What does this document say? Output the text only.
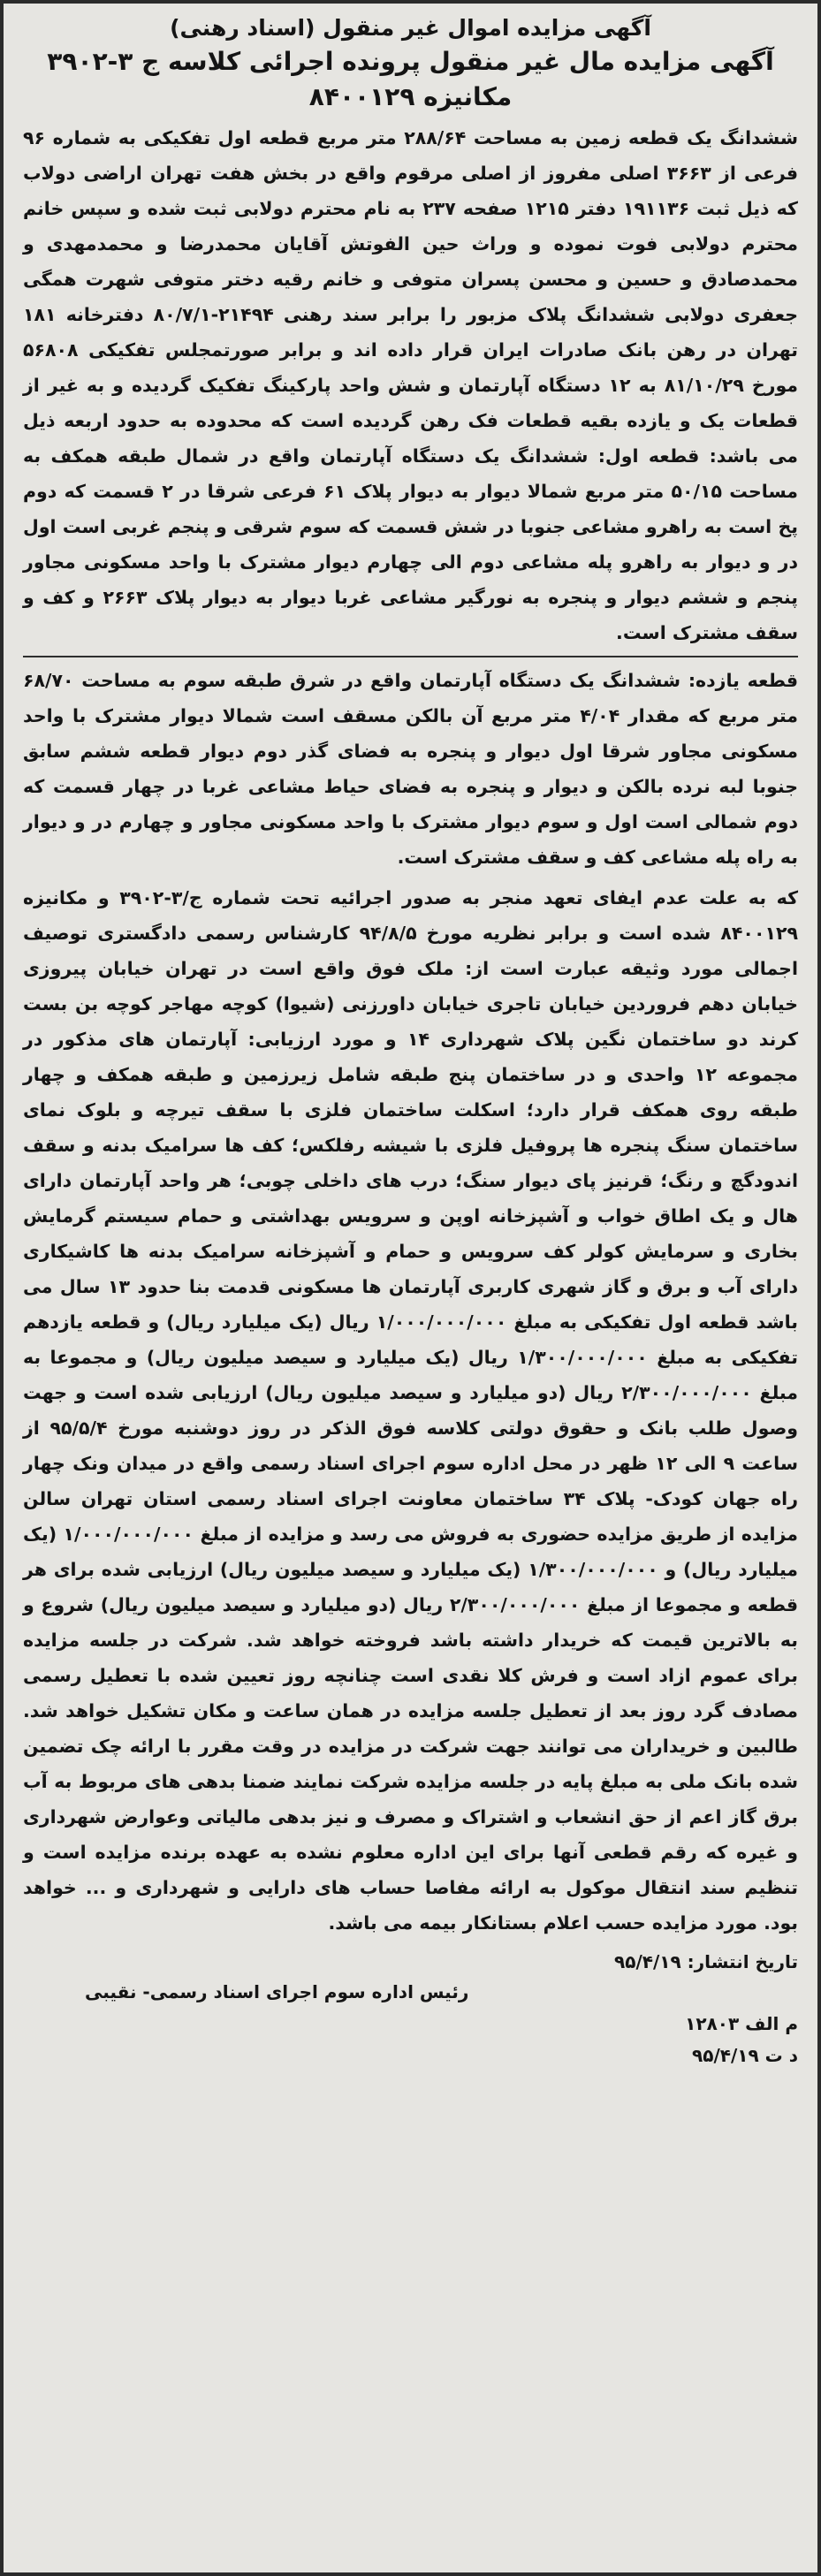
آگهی مزایده اموال غیر منقول (اسناد رهنی)
آگهی مزایده مال غیر منقول پرونده اجرائی کلاسه ج ۳-۳۹۰۲
مکانیزه ۸۴۰۰۱۲۹

ششدانگ یک قطعه زمین به مساحت ۲۸۸/۶۴ متر مربع قطعه اول تفکیکی به شماره ۹۶ فرعی از ۳۶۶۳ اصلی مفروز از اصلی مرقوم واقع در بخش هفت تهران اراضی دولاب که ذیل ثبت ۱۹۱۱۳۶ دفتر ۱۲۱۵ صفحه ۲۳۷ به نام محترم دولابی ثبت شده و سپس خانم محترم دولابی فوت نموده و وراث حین الفوتش آقایان محمدرضا و محمدمهدی و محمدصادق و حسین و محسن پسران متوفی و خانم رقیه دختر متوفی شهرت همگی جعفری دولابی ششدانگ پلاک مزبور را برابر سند رهنی ۲۱۴۹۴-۸۰/۷/۱ دفترخانه ۱۸۱ تهران در رهن بانک صادرات ایران قرار داده اند و برابر صورتمجلس تفکیکی ۵۶۸۰۸ مورخ ۸۱/۱۰/۲۹ به ۱۲ دستگاه آپارتمان و شش واحد پارکینگ تفکیک گردیده و به غیر از قطعات یک و یازده بقیه قطعات فک رهن گردیده است که محدوده به حدود اربعه ذیل می باشد: قطعه اول: ششدانگ یک دستگاه آپارتمان واقع در شمال طبقه همکف به مساحت ۵۰/۱۵ متر مربع شمالا دیوار به دیوار پلاک ۶۱ فرعی شرقا در ۲ قسمت که دوم پخ است به راهرو مشاعی جنوبا در شش قسمت که سوم شرقی و پنجم غربی است اول در و دیوار به راهرو پله مشاعی دوم الی چهارم دیوار مشترک با واحد مسکونی مجاور پنجم و ششم دیوار و پنجره به نورگیر مشاعی غربا دیوار به دیوار پلاک ۲۶۶۳ و کف و سقف مشترک است.

قطعه یازده: ششدانگ یک دستگاه آپارتمان واقع در شرق طبقه سوم به مساحت ۶۸/۷۰ متر مربع که مقدار ۴/۰۴ متر مربع آن بالکن مسقف است شمالا دیوار مشترک با واحد مسکونی مجاور شرقا اول دیوار و پنجره به فضای گذر دوم دیوار قطعه ششم سابق جنوبا لبه نرده بالکن و دیوار و پنجره به فضای حیاط مشاعی غربا در چهار قسمت که دوم شمالی است اول و سوم دیوار مشترک با واحد مسکونی مجاور و چهارم در و دیوار به راه پله مشاعی کف و سقف مشترک است.

که به علت عدم ایفای تعهد منجر به صدور اجرائیه تحت شماره ج/۳-۳۹۰۲ و مکانیزه ۸۴۰۰۱۲۹ شده است و برابر نظریه مورخ ۹۴/۸/۵ کارشناس رسمی دادگستری توصیف اجمالی مورد وثیقه عبارت است از: ملک فوق واقع است در تهران خیابان پیروزی خیابان دهم فروردین خیابان تاجری خیابان داورزنی (شیوا) کوچه مهاجر کوچه بن بست کرند دو ساختمان نگین پلاک شهرداری ۱۴ و مورد ارزیابی: آپارتمان های مذکور در مجموعه ۱۲ واحدی و در ساختمان پنج طبقه شامل زیرزمین و طبقه همکف و چهار طبقه روی همکف قرار دارد؛ اسکلت ساختمان فلزی با سقف تیرچه و بلوک نمای ساختمان سنگ پنجره ها پروفیل فلزی با شیشه رفلکس؛ کف ها سرامیک بدنه و سقف اندودگچ و رنگ؛ قرنیز پای دیوار سنگ؛ درب های داخلی چوبی؛ هر واحد آپارتمان دارای هال و یک اطاق خواب و آشپزخانه اوپن و سرویس بهداشتی و حمام سیستم گرمایش بخاری و سرمایش کولر کف سرویس و حمام و آشپزخانه سرامیک بدنه ها کاشیکاری دارای آب و برق و گاز شهری کاربری آپارتمان ها مسکونی قدمت بنا حدود ۱۳ سال می باشد قطعه اول تفکیکی به مبلغ ۱/۰۰۰/۰۰۰/۰۰۰ ریال (یک میلیارد ریال) و قطعه یازدهم تفکیکی به مبلغ ۱/۳۰۰/۰۰۰/۰۰۰ ریال (یک میلیارد و سیصد میلیون ریال) و مجموعا به مبلغ ۲/۳۰۰/۰۰۰/۰۰۰ ریال (دو میلیارد و سیصد میلیون ریال) ارزیابی شده است و جهت وصول طلب بانک و حقوق دولتی کلاسه فوق الذکر در روز دوشنبه مورخ ۹۵/۵/۴ از ساعت ۹ الی ۱۲ ظهر در محل اداره سوم اجرای اسناد رسمی واقع در میدان ونک چهار راه جهان کودک- پلاک ۳۴ ساختمان معاونت اجرای اسناد رسمی استان تهران سالن مزایده از طریق مزایده حضوری به فروش می رسد و مزایده از مبلغ ۱/۰۰۰/۰۰۰/۰۰۰ (یک میلیارد ریال) و ۱/۳۰۰/۰۰۰/۰۰۰ (یک میلیارد و سیصد میلیون ریال) ارزیابی شده برای هر قطعه و مجموعا از مبلغ ۲/۳۰۰/۰۰۰/۰۰۰ ریال (دو میلیارد و سیصد میلیون ریال) شروع و به بالاترین قیمت که خریدار داشته باشد فروخته خواهد شد. شرکت در جلسه مزایده برای عموم ازاد است و فرش کلا نقدی است چنانچه روز تعیین شده با تعطیل رسمی مصادف گرد روز بعد از تعطیل جلسه مزایده در همان ساعت و مکان تشکیل خواهد شد. طالبین و خریداران می توانند جهت شرکت در مزایده در وقت مقرر با ارائه چک تضمین شده بانک ملی به مبلغ پایه در جلسه مزایده شرکت نمایند ضمنا بدهی های مربوط به آب برق گاز اعم از حق انشعاب و اشتراک و مصرف و نیز بدهی مالیاتی وعوارض شهرداری و غیره که رقم قطعی آنها برای این اداره معلوم نشده به عهده برنده مزایده است و تنظیم سند انتقال موکول به ارائه مفاصا حساب های دارایی و شهرداری و ... خواهد بود. مورد مزایده حسب اعلام بستانکار بیمه می باشد.

تاریخ انتشار: ۹۵/۴/۱۹
رئیس اداره سوم اجرای اسناد رسمی- نقیبی
م الف ۱۲۸۰۳
د ت ۹۵/۴/۱۹
